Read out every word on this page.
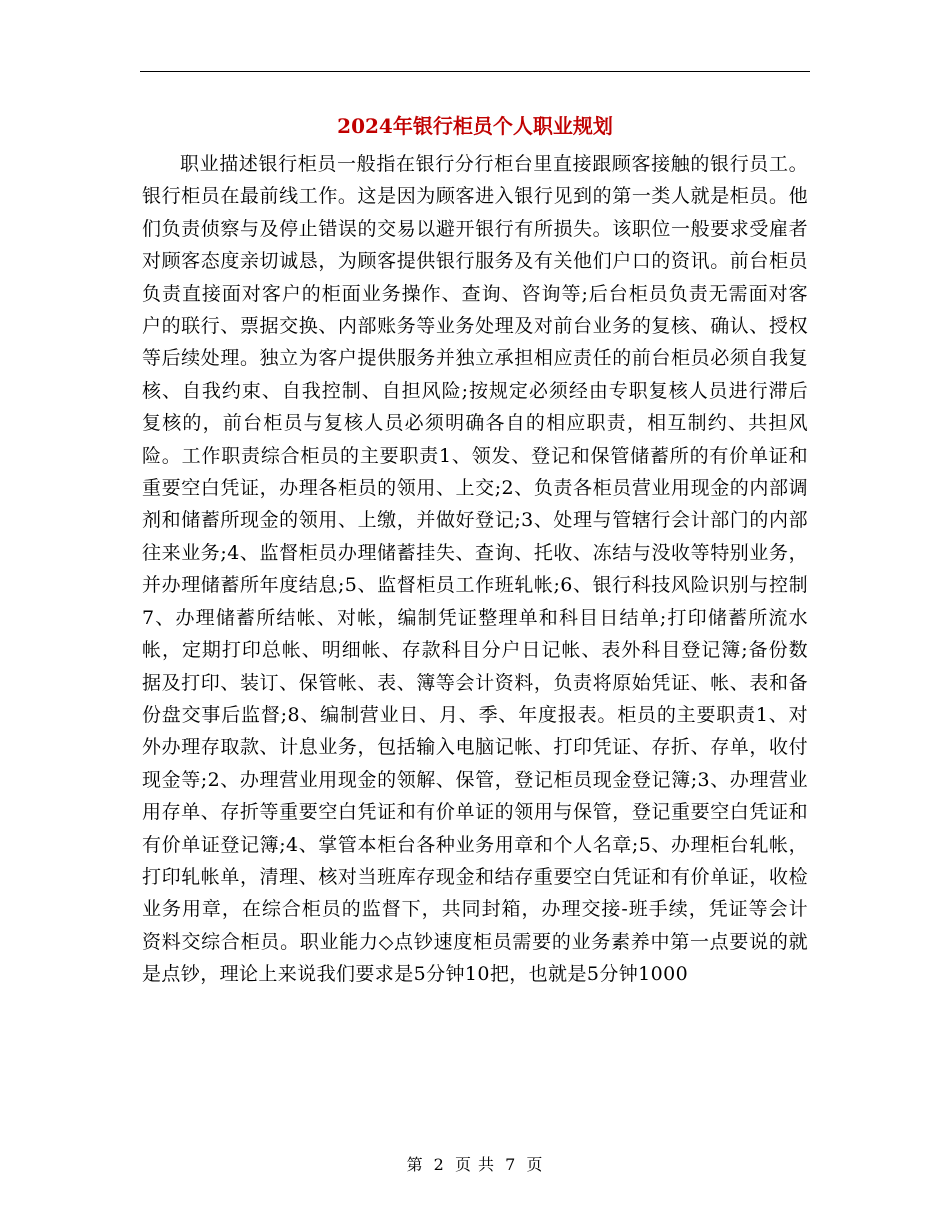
2024年银行柜员个人职业规划

职业描述银行柜员一般指在银行分行柜台里直接跟顾客接触的银行员工。银行柜员在最前线工作。这是因为顾客进入银行见到的第一类人就是柜员。他们负责侦察与及停止错误的交易以避开银行有所损失。该职位一般要求受雇者对顾客态度亲切诚恳，为顾客提供银行服务及有关他们户口的资讯。前台柜员负责直接面对客户的柜面业务操作、查询、咨询等;后台柜员负责无需面对客户的联行、票据交换、内部账务等业务处理及对前台业务的复核、确认、授权等后续处理。独立为客户提供服务并独立承担相应责任的前台柜员必须自我复核、自我约束、自我控制、自担风险;按规定必须经由专职复核人员进行滞后复核的，前台柜员与复核人员必须明确各自的相应职责，相互制约、共担风险。工作职责综合柜员的主要职责1、领发、登记和保管储蓄所的有价单证和重要空白凭证，办理各柜员的领用、上交;2、负责各柜员营业用现金的内部调剂和储蓄所现金的领用、上缴，并做好登记;3、处理与管辖行会计部门的内部往来业务;4、监督柜员办理储蓄挂失、查询、托收、冻结与没收等特别业务，并办理储蓄所年度结息;5、监督柜员工作班轧帐;6、银行科技风险识别与控制7、办理储蓄所结帐、对帐，编制凭证整理单和科目日结单;打印储蓄所流水帐，定期打印总帐、明细帐、存款科目分户日记帐、表外科目登记簿;备份数据及打印、装订、保管帐、表、簿等会计资料，负责将原始凭证、帐、表和备份盘交事后监督;8、编制营业日、月、季、年度报表。柜员的主要职责1、对外办理存取款、计息业务，包括输入电脑记帐、打印凭证、存折、存单，收付现金等;2、办理营业用现金的领解、保管，登记柜员现金登记簿;3、办理营业用存单、存折等重要空白凭证和有价单证的领用与保管，登记重要空白凭证和有价单证登记簿;4、掌管本柜台各种业务用章和个人名章;5、办理柜台轧帐，打印轧帐单，清理、核对当班库存现金和结存重要空白凭证和有价单证，收检业务用章，在综合柜员的监督下，共同封箱，办理交接-班手续，凭证等会计资料交综合柜员。职业能力◇点钞速度柜员需要的业务素养中第一点要说的就是点钞，理论上来说我们要求是5分钟10把，也就是5分钟1000

第 2 页 共 7 页
